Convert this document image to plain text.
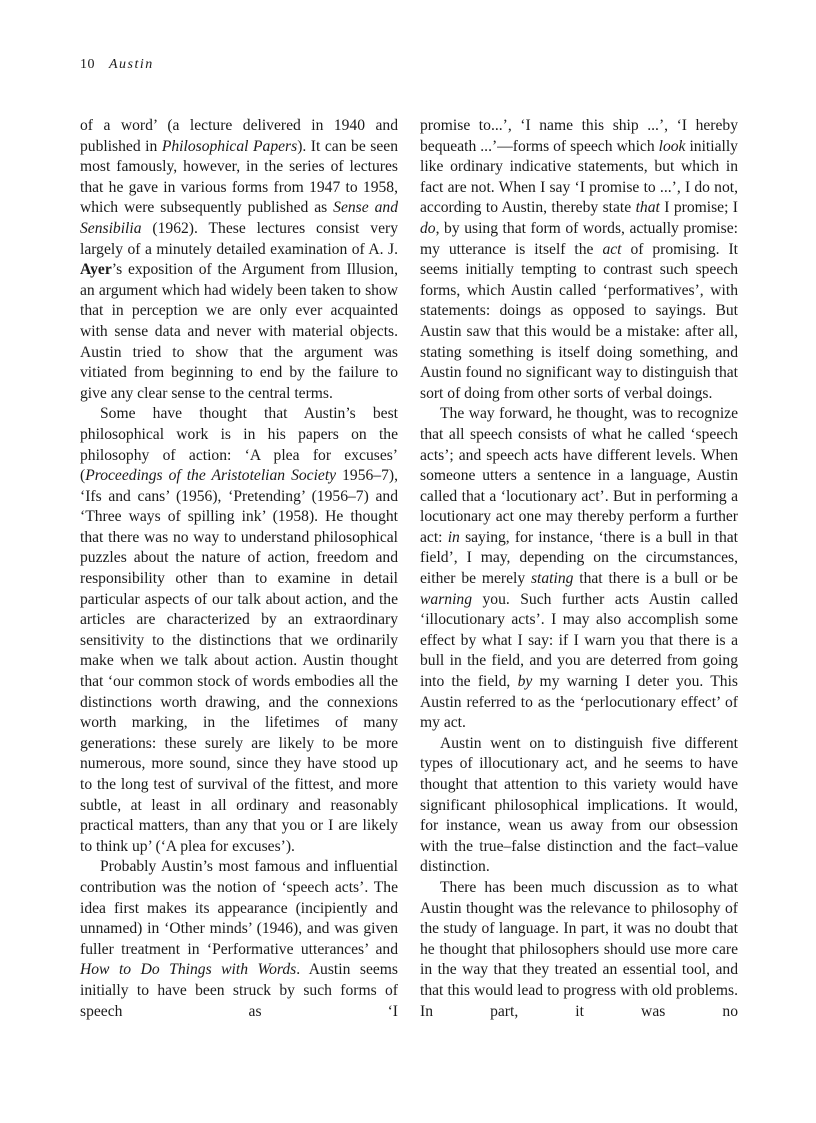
10 Austin

of a word’ (a lecture delivered in 1940 and published in Philosophical Papers). It can be seen most famously, however, in the series of lectures that he gave in various forms from 1947 to 1958, which were subsequently published as Sense and Sensibilia (1962). These lectures consist very largely of a minutely detailed examination of A. J. Ayer’s exposition of the Argument from Illusion, an argument which had widely been taken to show that in perception we are only ever acquainted with sense data and never with material objects. Austin tried to show that the argument was vitiated from beginning to end by the failure to give any clear sense to the central terms.

Some have thought that Austin’s best philosophical work is in his papers on the philosophy of action: ‘A plea for excuses’ (Proceedings of the Aristotelian Society 1956–7), ‘Ifs and cans’ (1956), ‘Pretending’ (1956–7) and ‘Three ways of spilling ink’ (1958). He thought that there was no way to understand philosophical puzzles about the nature of action, freedom and responsibility other than to examine in detail particular aspects of our talk about action, and the articles are characterized by an extraordinary sensitivity to the distinctions that we ordinarily make when we talk about action. Austin thought that ‘our common stock of words embodies all the distinctions worth drawing, and the connexions worth marking, in the lifetimes of many generations: these surely are likely to be more numerous, more sound, since they have stood up to the long test of survival of the fittest, and more subtle, at least in all ordinary and reasonably practical matters, than any that you or I are likely to think up’ (‘A plea for excuses’).

Probably Austin’s most famous and influential contribution was the notion of ‘speech acts’. The idea first makes its appearance (incipiently and unnamed) in ‘Other minds’ (1946), and was given fuller treatment in ‘Performative utterances’ and How to Do Things with Words. Austin seems initially to have been struck by such forms of speech as ‘I

promise to...’, ‘I name this ship ...’, ‘I hereby bequeath ...’—forms of speech which look initially like ordinary indicative statements, but which in fact are not. When I say ‘I promise to ...’, I do not, according to Austin, thereby state that I promise; I do, by using that form of words, actually promise: my utterance is itself the act of promising. It seems initially tempting to contrast such speech forms, which Austin called ‘performatives’, with statements: doings as opposed to sayings. But Austin saw that this would be a mistake: after all, stating something is itself doing something, and Austin found no significant way to distinguish that sort of doing from other sorts of verbal doings.

The way forward, he thought, was to recognize that all speech consists of what he called ‘speech acts’; and speech acts have different levels. When someone utters a sentence in a language, Austin called that a ‘locutionary act’. But in performing a locutionary act one may thereby perform a further act: in saying, for instance, ‘there is a bull in that field’, I may, depending on the circumstances, either be merely stating that there is a bull or be warning you. Such further acts Austin called ‘illocutionary acts’. I may also accomplish some effect by what I say: if I warn you that there is a bull in the field, and you are deterred from going into the field, by my warning I deter you. This Austin referred to as the ‘perlocutionary effect’ of my act.

Austin went on to distinguish five different types of illocutionary act, and he seems to have thought that attention to this variety would have significant philosophical implications. It would, for instance, wean us away from our obsession with the true–false distinction and the fact–value distinction.

There has been much discussion as to what Austin thought was the relevance to philosophy of the study of language. In part, it was no doubt that he thought that philosophers should use more care in the way that they treated an essential tool, and that this would lead to progress with old problems. In part, it was no
